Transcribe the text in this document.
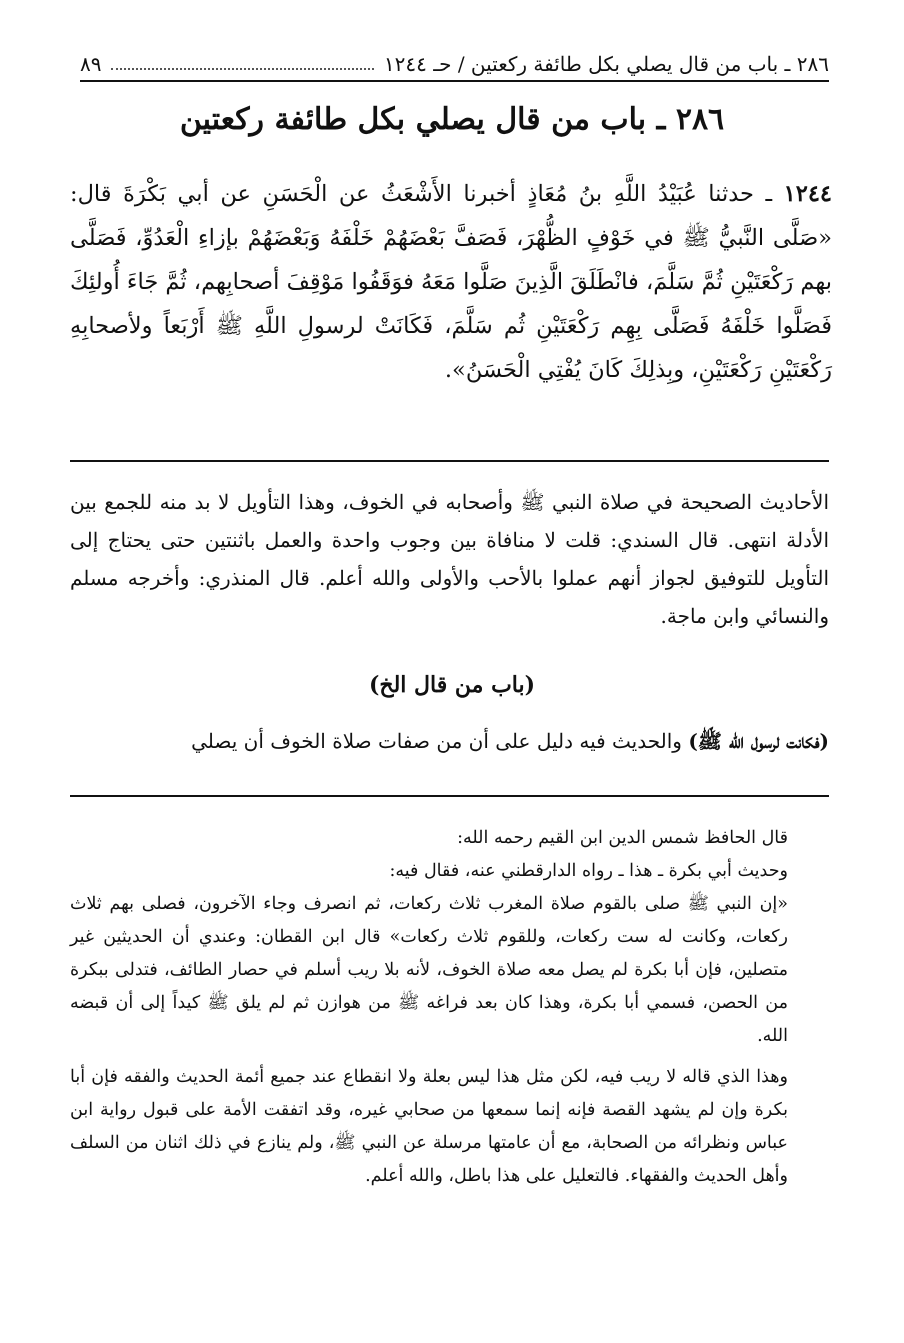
٢٨٦ ـ باب من قال يصلي بكل طائفة ركعتين / حـ ١٢٤٤
٨٩
٢٨٦ ـ باب من قال يصلي بكل طائفة ركعتين
١٢٤٤ ـ حدثنا عُبَيْدُ اللَّهِ بنُ مُعَاذٍ أخبرنا الأَشْعَثُ عن الْحَسَنِ عن أبي بَكْرَةَ قال: «صَلَّى النَّبيُّ ﷺ في خَوْفٍ الظُّهْرَ، فَصَفَّ بَعْضَهُمْ خَلْفَهُ وَبَعْضَهُمْ بإزاءِ الْعَدُوِّ، فَصَلَّى بهم رَكْعَتَيْنِ ثُمَّ سَلَّمَ، فانْطَلَقَ الَّذِينَ صَلَّوا مَعَهُ فوَقَفُوا مَوْقِفَ أصحابِهم، ثُمَّ جَاءَ أُولئِكَ فَصَلَّوا خَلْفَهُ فَصَلَّى بِهِم رَكْعَتَيْنِ ثُم سَلَّمَ، فَكَانَتْ لرسولِ اللَّهِ ﷺ أَرْبَعاً ولأصحابِهِ رَكْعَتَيْنِ رَكْعَتَيْنِ، وبِذلِكَ كَانَ يُفْتِي الْحَسَنُ».
الأحاديث الصحيحة في صلاة النبي ﷺ وأصحابه في الخوف، وهذا التأويل لا بد منه للجمع بين الأدلة انتهى. قال السندي: قلت لا منافاة بين وجوب واحدة والعمل باثنتين حتى يحتاج إلى التأويل للتوفيق لجواز أنهم عملوا بالأحب والأولى والله أعلم. قال المنذري: وأخرجه مسلم والنسائي وابن ماجة.
(باب من قال الخ)
(فكانت لرسول الله ﷺ) والحديث فيه دليل على أن من صفات صلاة الخوف أن يصلي

قال الحافظ شمس الدين ابن القيم رحمه الله:

وحديث أبي بكرة ـ هذا ـ رواه الدارقطني عنه، فقال فيه:

«إن النبي ﷺ صلى بالقوم صلاة المغرب ثلاث ركعات، ثم انصرف وجاء الآخرون، فصلى بهم ثلاث ركعات، وكانت له ست ركعات، وللقوم ثلاث ركعات» قال ابن القطان: وعندي أن الحديثين غير متصلين، فإن أبا بكرة لم يصل معه صلاة الخوف، لأنه بلا ريب أسلم في حصار الطائف، فتدلى ببكرة من الحصن، فسمي أبا بكرة، وهذا كان بعد فراغه ﷺ من هوازن ثم لم يلق ﷺ كيداً إلى أن قبضه الله.

وهذا الذي قاله لا ريب فيه، لكن مثل هذا ليس بعلة ولا انقطاع عند جميع أئمة الحديث والفقه فإن أبا بكرة وإن لم يشهد القصة فإنه إنما سمعها من صحابي غيره، وقد اتفقت الأمة على قبول رواية ابن عباس ونظرائه من الصحابة، مع أن عامتها مرسلة عن النبي ﷺ، ولم ينازع في ذلك اثنان من السلف وأهل الحديث والفقهاء. فالتعليل على هذا باطل، والله أعلم.
